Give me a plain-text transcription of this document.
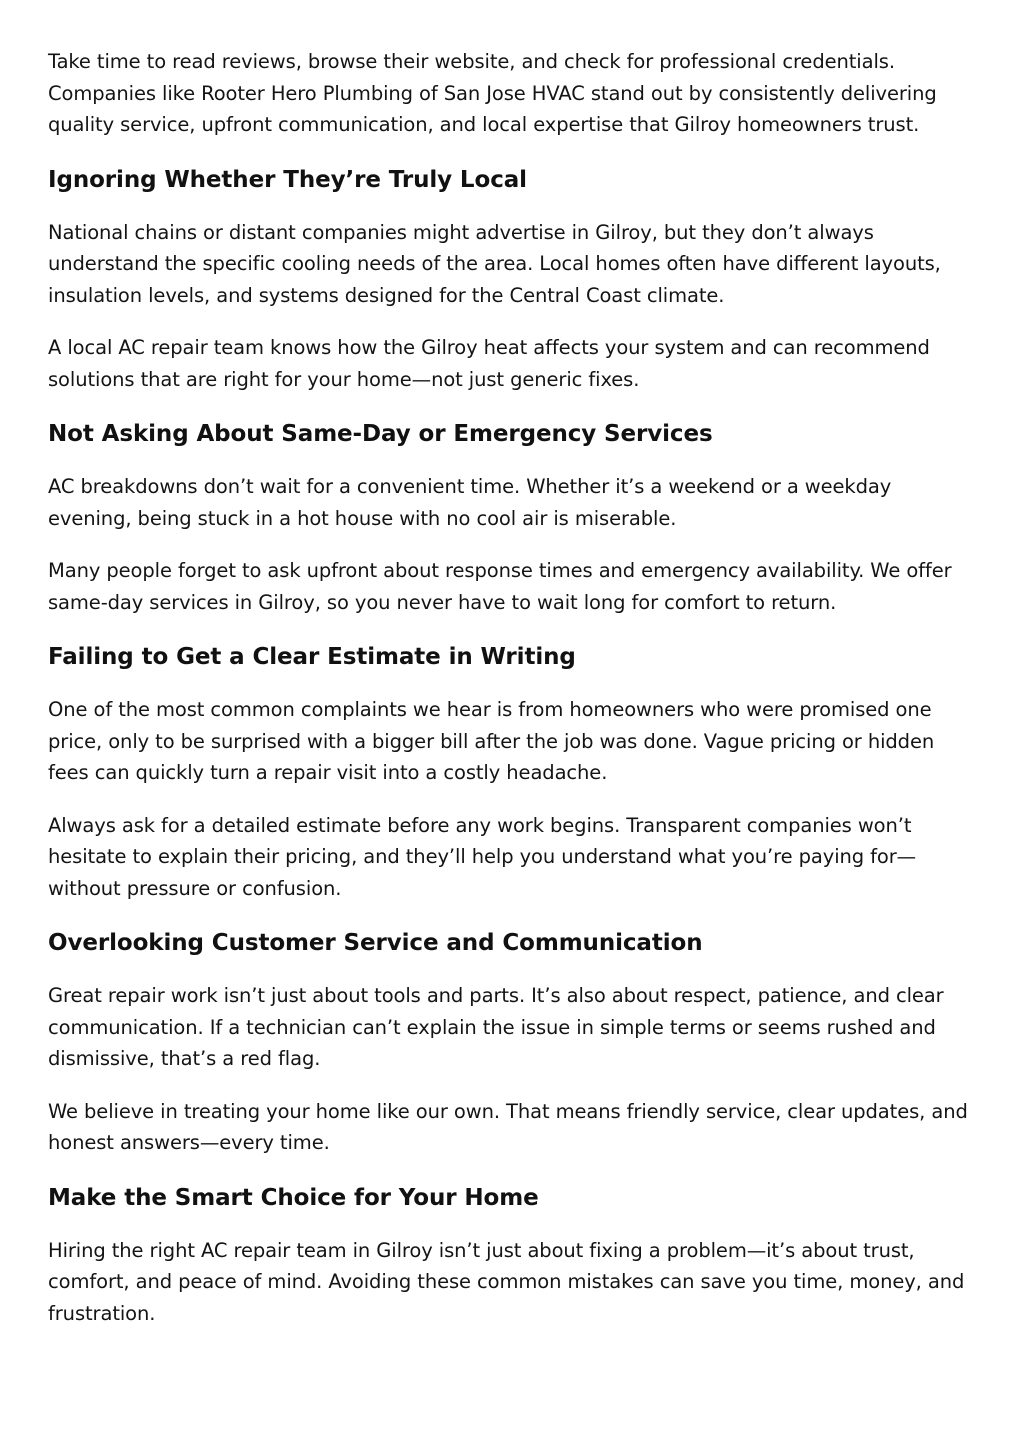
Take time to read reviews, browse their website, and check for professional credentials. Companies like Rooter Hero Plumbing of San Jose HVAC stand out by consistently delivering quality service, upfront communication, and local expertise that Gilroy homeowners trust.

Ignoring Whether They’re Truly Local

National chains or distant companies might advertise in Gilroy, but they don’t always understand the specific cooling needs of the area. Local homes often have different layouts, insulation levels, and systems designed for the Central Coast climate.

A local AC repair team knows how the Gilroy heat affects your system and can recommend solutions that are right for your home—not just generic fixes.

Not Asking About Same-Day or Emergency Services

AC breakdowns don’t wait for a convenient time. Whether it’s a weekend or a weekday evening, being stuck in a hot house with no cool air is miserable.

Many people forget to ask upfront about response times and emergency availability. We offer same-day services in Gilroy, so you never have to wait long for comfort to return.

Failing to Get a Clear Estimate in Writing

One of the most common complaints we hear is from homeowners who were promised one price, only to be surprised with a bigger bill after the job was done. Vague pricing or hidden fees can quickly turn a repair visit into a costly headache.

Always ask for a detailed estimate before any work begins. Transparent companies won’t hesitate to explain their pricing, and they’ll help you understand what you’re paying for—without pressure or confusion.

Overlooking Customer Service and Communication

Great repair work isn’t just about tools and parts. It’s also about respect, patience, and clear communication. If a technician can’t explain the issue in simple terms or seems rushed and dismissive, that’s a red flag.

We believe in treating your home like our own. That means friendly service, clear updates, and honest answers—every time.

Make the Smart Choice for Your Home

Hiring the right AC repair team in Gilroy isn’t just about fixing a problem—it’s about trust, comfort, and peace of mind. Avoiding these common mistakes can save you time, money, and frustration.
